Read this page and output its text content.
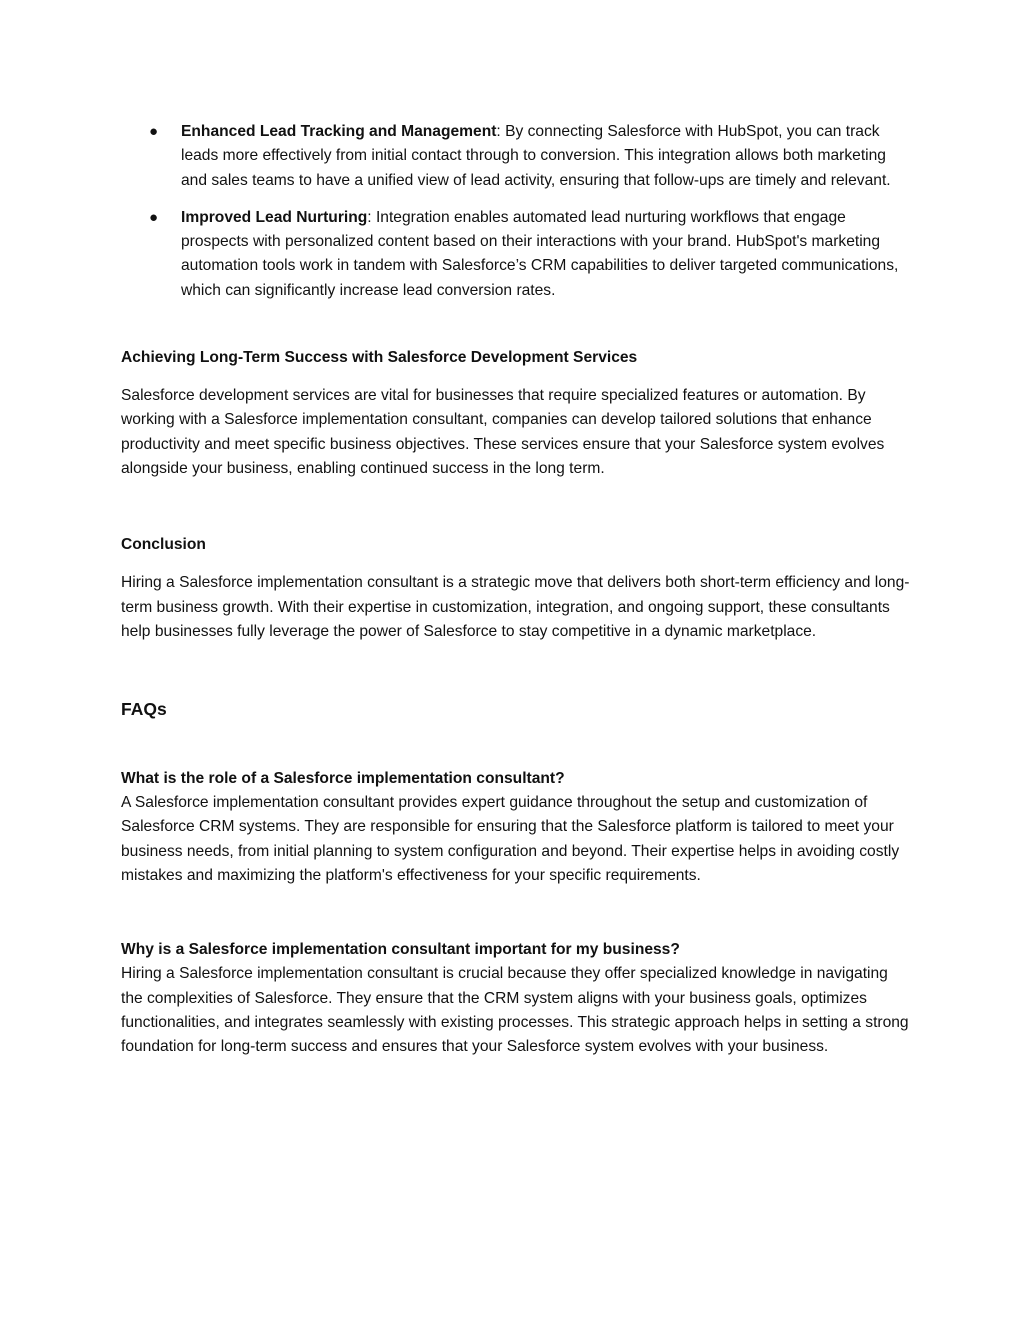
● Enhanced Lead Tracking and Management: By connecting Salesforce with HubSpot, you can track leads more effectively from initial contact through to conversion. This integration allows both marketing and sales teams to have a unified view of lead activity, ensuring that follow-ups are timely and relevant.
● Improved Lead Nurturing: Integration enables automated lead nurturing workflows that engage prospects with personalized content based on their interactions with your brand. HubSpot's marketing automation tools work in tandem with Salesforce’s CRM capabilities to deliver targeted communications, which can significantly increase lead conversion rates.
Achieving Long-Term Success with Salesforce Development Services

Salesforce development services are vital for businesses that require specialized features or automation. By working with a Salesforce implementation consultant, companies can develop tailored solutions that enhance productivity and meet specific business objectives. These services ensure that your Salesforce system evolves alongside your business, enabling continued success in the long term.

Conclusion

Hiring a Salesforce implementation consultant is a strategic move that delivers both short-term efficiency and long-term business growth. With their expertise in customization, integration, and ongoing support, these consultants help businesses fully leverage the power of Salesforce to stay competitive in a dynamic marketplace.

FAQs
What is the role of a Salesforce implementation consultant?

A Salesforce implementation consultant provides expert guidance throughout the setup and customization of Salesforce CRM systems. They are responsible for ensuring that the Salesforce platform is tailored to meet your business needs, from initial planning to system configuration and beyond. Their expertise helps in avoiding costly mistakes and maximizing the platform's effectiveness for your specific requirements.

Why is a Salesforce implementation consultant important for my business?

Hiring a Salesforce implementation consultant is crucial because they offer specialized knowledge in navigating the complexities of Salesforce. They ensure that the CRM system aligns with your business goals, optimizes functionalities, and integrates seamlessly with existing processes. This strategic approach helps in setting a strong foundation for long-term success and ensures that your Salesforce system evolves with your business.
